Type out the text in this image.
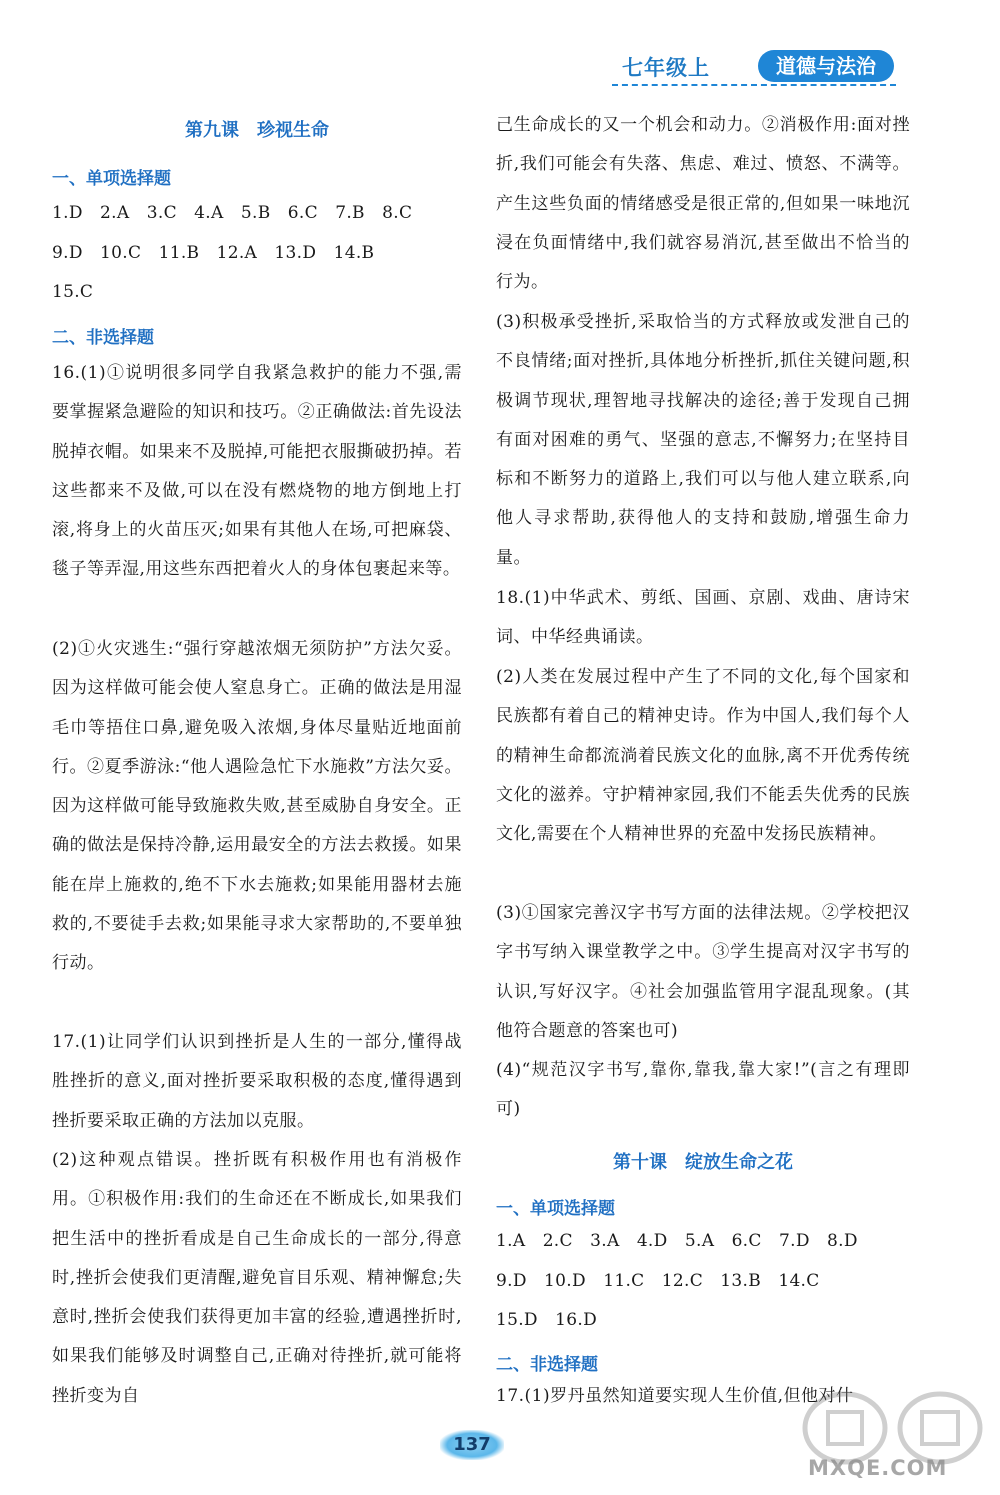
七年级上	道德与法治
第九课　珍视生命
一、单项选择题
1.D　2.A　3.C　4.A　5.B　6.C　7.B　8.C
9.D　10.C　11.B　12.A　13.D　14.B
15.C
二、非选择题
16.(1)①说明很多同学自我紧急救护的能力不强,需要掌握紧急避险的知识和技巧。②正确做法:首先设法脱掉衣帽。如果来不及脱掉,可能把衣服撕破扔掉。若这些都来不及做,可以在没有燃烧物的地方倒地上打滚,将身上的火苗压灭;如果有其他人在场,可把麻袋、毯子等弄湿,用这些东西把着火人的身体包裹起来等。
(2)①火灾逃生:“强行穿越浓烟无须防护”方法欠妥。因为这样做可能会使人窒息身亡。正确的做法是用湿毛巾等捂住口鼻,避免吸入浓烟,身体尽量贴近地面前行。②夏季游泳:“他人遇险急忙下水施救”方法欠妥。因为这样做可能导致施救失败,甚至威胁自身安全。正确的做法是保持冷静,运用最安全的方法去救援。如果能在岸上施救的,绝不下水去施救;如果能用器材去施救的,不要徒手去救;如果能寻求大家帮助的,不要单独行动。
17.(1)让同学们认识到挫折是人生的一部分,懂得战胜挫折的意义,面对挫折要采取积极的态度,懂得遇到挫折要采取正确的方法加以克服。
(2)这种观点错误。挫折既有积极作用也有消极作用。①积极作用:我们的生命还在不断成长,如果我们把生活中的挫折看成是自己生命成长的一部分,得意时,挫折会使我们更清醒,避免盲目乐观、精神懈怠;失意时,挫折会使我们获得更加丰富的经验,遭遇挫折时,如果我们能够及时调整自己,正确对待挫折,就可能将挫折变为自
己生命成长的又一个机会和动力。②消极作用:面对挫折,我们可能会有失落、焦虑、难过、愤怒、不满等。产生这些负面的情绪感受是很正常的,但如果一味地沉浸在负面情绪中,我们就容易消沉,甚至做出不恰当的行为。
(3)积极承受挫折,采取恰当的方式释放或发泄自己的不良情绪;面对挫折,具体地分析挫折,抓住关键问题,积极调节现状,理智地寻找解决的途径;善于发现自己拥有面对困难的勇气、坚强的意志,不懈努力;在坚持目标和不断努力的道路上,我们可以与他人建立联系,向他人寻求帮助,获得他人的支持和鼓励,增强生命力量。
18.(1)中华武术、剪纸、国画、京剧、戏曲、唐诗宋词、中华经典诵读。
(2)人类在发展过程中产生了不同的文化,每个国家和民族都有着自己的精神史诗。作为中国人,我们每个人的精神生命都流淌着民族文化的血脉,离不开优秀传统文化的滋养。守护精神家园,我们不能丢失优秀的民族文化,需要在个人精神世界的充盈中发扬民族精神。
(3)①国家完善汉字书写方面的法律法规。②学校把汉字书写纳入课堂教学之中。③学生提高对汉字书写的认识,写好汉字。④社会加强监管用字混乱现象。(其他符合题意的答案也可)
(4)“规范汉字书写,靠你,靠我,靠大家!”(言之有理即可)
第十课　绽放生命之花
一、单项选择题
1.A　2.C　3.A　4.D　5.A　6.C　7.D　8.D
9.D　10.D　11.C　12.C　13.B　14.C
15.D　16.D
二、非选择题
17.(1)罗丹虽然知道要实现人生价值,但他对什
137
MXQE.COM
